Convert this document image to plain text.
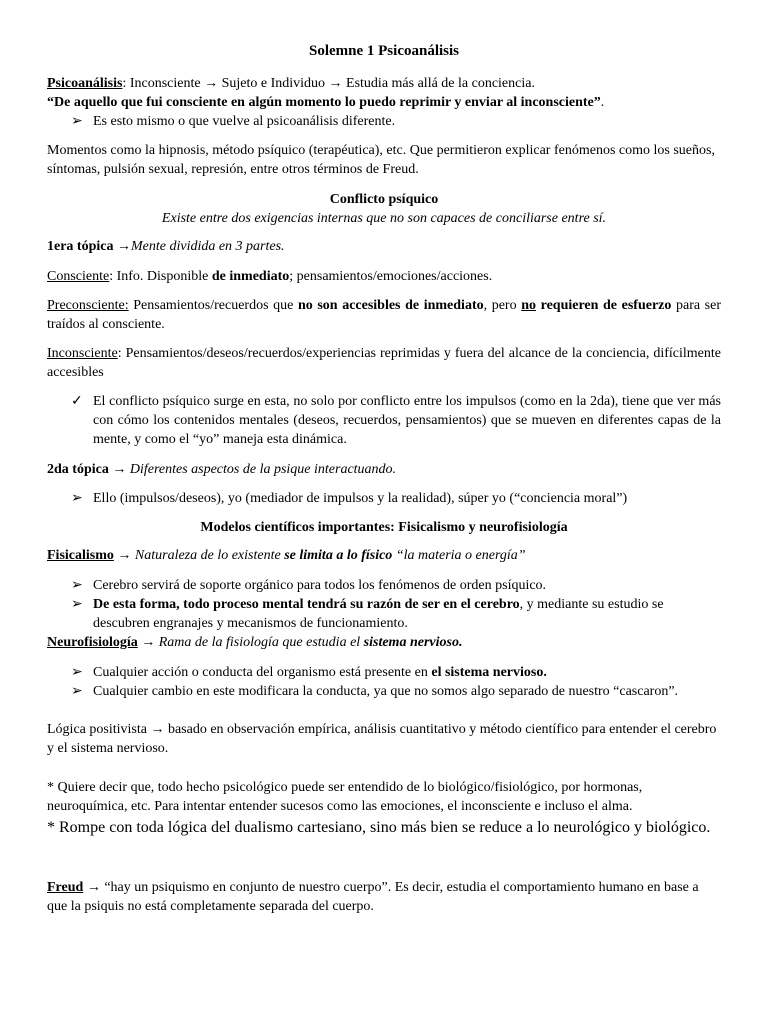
Solemne 1 Psicoanálisis
Psicoanálisis: Inconsciente → Sujeto e Individuo → Estudia más allá de la conciencia.
“De aquello que fui consciente en algún momento lo puedo reprimir y enviar al inconsciente”.
➢ Es esto mismo o que vuelve al psicoanálisis diferente.
Momentos como la hipnosis, método psíquico (terapéutica), etc. Que permitieron explicar fenómenos como los sueños, síntomas, pulsión sexual, represión, entre otros términos de Freud.
Conflicto psíquico
Existe entre dos exigencias internas que no son capaces de conciliarse entre sí.
1era tópica →Mente dividida en 3 partes.
Consciente: Info. Disponible de inmediato; pensamientos/emociones/acciones.
Preconsciente: Pensamientos/recuerdos que no son accesibles de inmediato, pero no requieren de esfuerzo para ser traídos al consciente.
Inconsciente: Pensamientos/deseos/recuerdos/experiencias reprimidas y fuera del alcance de la conciencia, difícilmente accesibles
✓ El conflicto psíquico surge en esta, no solo por conflicto entre los impulsos (como en la 2da), tiene que ver más con cómo los contenidos mentales (deseos, recuerdos, pensamientos) que se mueven en diferentes capas de la mente, y como el “yo” maneja esta dinámica.
2da tópica → Diferentes aspectos de la psique interactuando.
➢ Ello (impulsos/deseos), yo (mediador de impulsos y la realidad), súper yo (“conciencia moral”)
Modelos científicos importantes: Fisicalismo y neurofisiología
Fisicalismo → Naturaleza de lo existente se limita a lo físico “la materia o energía”
➢ Cerebro servirá de soporte orgánico para todos los fenómenos de orden psíquico.
➢ De esta forma, todo proceso mental tendrá su razón de ser en el cerebro, y mediante su estudio se descubren engranajes y mecanismos de funcionamiento.
Neurofisiología → Rama de la fisiología que estudia el sistema nervioso.
➢ Cualquier acción o conducta del organismo está presente en el sistema nervioso.
➢ Cualquier cambio en este modificara la conducta, ya que no somos algo separado de nuestro “cascaron”.
Lógica positivista → basado en observación empírica, análisis cuantitativo y método científico para entender el cerebro y el sistema nervioso.
* Quiere decir que, todo hecho psicológico puede ser entendido de lo biológico/fisiológico, por hormonas, neuroquímica, etc. Para intentar entender sucesos como las emociones, el inconsciente e incluso el alma.
* Rompe con toda lógica del dualismo cartesiano, sino más bien se reduce a lo neurológico y biológico.
Freud → “hay un psiquismo en conjunto de nuestro cuerpo”. Es decir, estudia el comportamiento humano en base a que la psiquis no está completamente separada del cuerpo.
